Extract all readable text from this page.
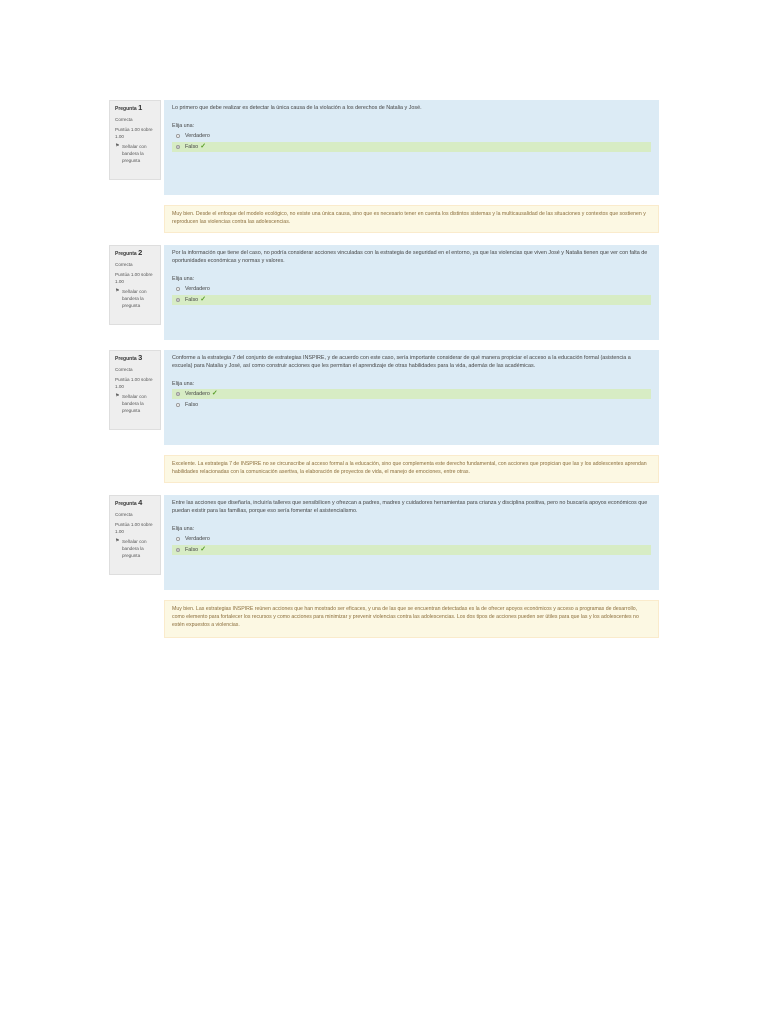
Pregunta 1
Correcta
Puntúa 1.00 sobre 1.00
⚑ Señalar con bandera la pregunta
Lo primero que debe realizar es detectar la única causa de la violación a los derechos de Natalia y José.
Elija una:
Verdadero
Falso ✓
Muy bien. Desde el enfoque del modelo ecológico, no existe una única causa, sino que es necesario tener en cuenta los distintos sistemas y la multicausalidad de las situaciones y contextos que sostienen y reproducen las violencias contra las adolescencias.
Pregunta 2
Correcta
Puntúa 1.00 sobre 1.00
⚑ Señalar con bandera la pregunta
Por la información que tiene del caso, no podría considerar acciones vinculadas con la estrategia de seguridad en el entorno, ya que las violencias que viven José y Natalia tienen que ver con falta de oportunidades económicas y normas y valores.
Elija una:
Verdadero
Falso ✓
Pregunta 3
Correcta
Puntúa 1.00 sobre 1.00
⚑ Señalar con bandera la pregunta
Conforme a la estrategia 7 del conjunto de estrategias INSPIRE, y de acuerdo con este caso, sería importante considerar de qué manera propiciar el acceso a la educación formal (asistencia a escuela) para Natalia y José, así como construir acciones que les permitan el aprendizaje de otras habilidades para la vida, además de las académicas.
Elija una:
Verdadero ✓
Falso
Excelente. La estrategia 7 de INSPIRE no se circunscribe al acceso formal a la educación, sino que complementa este derecho fundamental, con acciones que propician que las y los adolescentes aprendan habilidades relacionadas con la comunicación asertiva, la elaboración de proyectos de vida, el manejo de emociones, entre otras.
Pregunta 4
Correcta
Puntúa 1.00 sobre 1.00
⚑ Señalar con bandera la pregunta
Entre las acciones que diseñaría, incluiría talleres que sensibilicen y ofrezcan a padres, madres y cuidadores herramientas para crianza y disciplina positiva, pero no buscaría apoyos económicos que puedan existir para las familias, porque eso sería fomentar el asistencialismo.
Elija una:
Verdadero
Falso ✓
Muy bien. Las estrategias INSPIRE reúnen acciones que han mostrado ser eficaces, y una de las que se encuentran detectadas es la de ofrecer apoyos económicos y acceso a programas de desarrollo, como elemento para fortalecer los recursos y como acciones para minimizar y prevenir violencias contra las adolescencias. Los dos tipos de acciones pueden ser útiles para que las y los adolescentes no estén expuestos a violencias.
